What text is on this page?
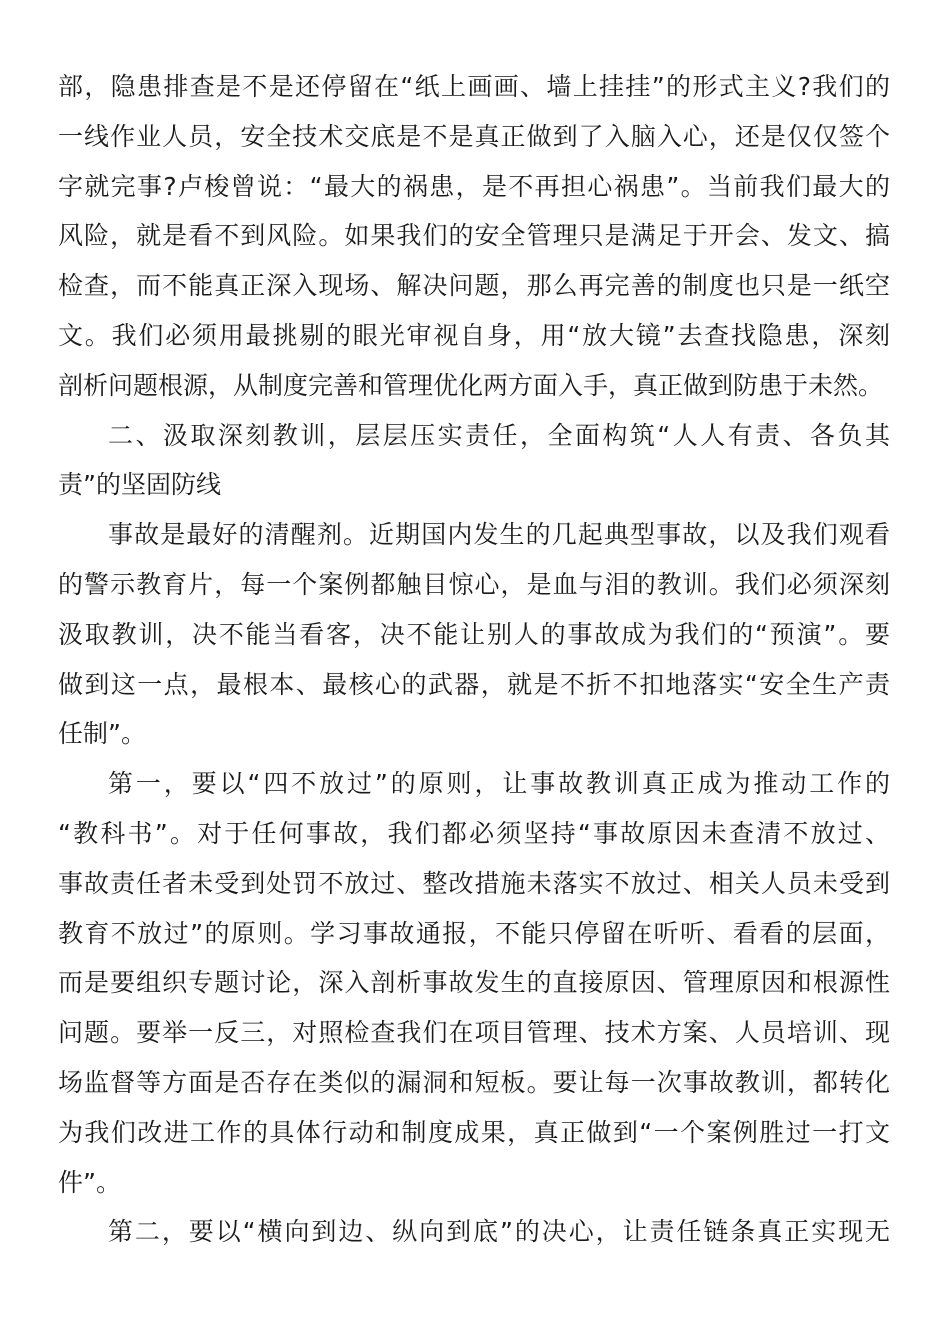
部，隐患排查是不是还停留在“纸上画画、墙上挂挂”的形式主义?我们的
一线作业人员，安全技术交底是不是真正做到了入脑入心，还是仅仅签个
字就完事?卢梭曾说：“最大的祸患，是不再担心祸患”。当前我们最大的
风险，就是看不到风险。如果我们的安全管理只是满足于开会、发文、搞
检查，而不能真正深入现场、解决问题，那么再完善的制度也只是一纸空
文。我们必须用最挑剔的眼光审视自身，用“放大镜”去查找隐患，深刻
剖析问题根源，从制度完善和管理优化两方面入手，真正做到防患于未然。
二、汲取深刻教训，层层压实责任，全面构筑“人人有责、各负其
责”的坚固防线
事故是最好的清醒剂。近期国内发生的几起典型事故，以及我们观看
的警示教育片，每一个案例都触目惊心，是血与泪的教训。我们必须深刻
汲取教训，决不能当看客，决不能让别人的事故成为我们的“预演”。要
做到这一点，最根本、最核心的武器，就是不折不扣地落实“安全生产责
任制”。
第一，要以“四不放过”的原则，让事故教训真正成为推动工作的
“教科书”。对于任何事故，我们都必须坚持“事故原因未查清不放过、
事故责任者未受到处罚不放过、整改措施未落实不放过、相关人员未受到
教育不放过”的原则。学习事故通报，不能只停留在听听、看看的层面，
而是要组织专题讨论，深入剖析事故发生的直接原因、管理原因和根源性
问题。要举一反三，对照检查我们在项目管理、技术方案、人员培训、现
场监督等方面是否存在类似的漏洞和短板。要让每一次事故教训，都转化
为我们改进工作的具体行动和制度成果，真正做到“一个案例胜过一打文
件”。
第二，要以“横向到边、纵向到底”的决心，让责任链条真正实现无
